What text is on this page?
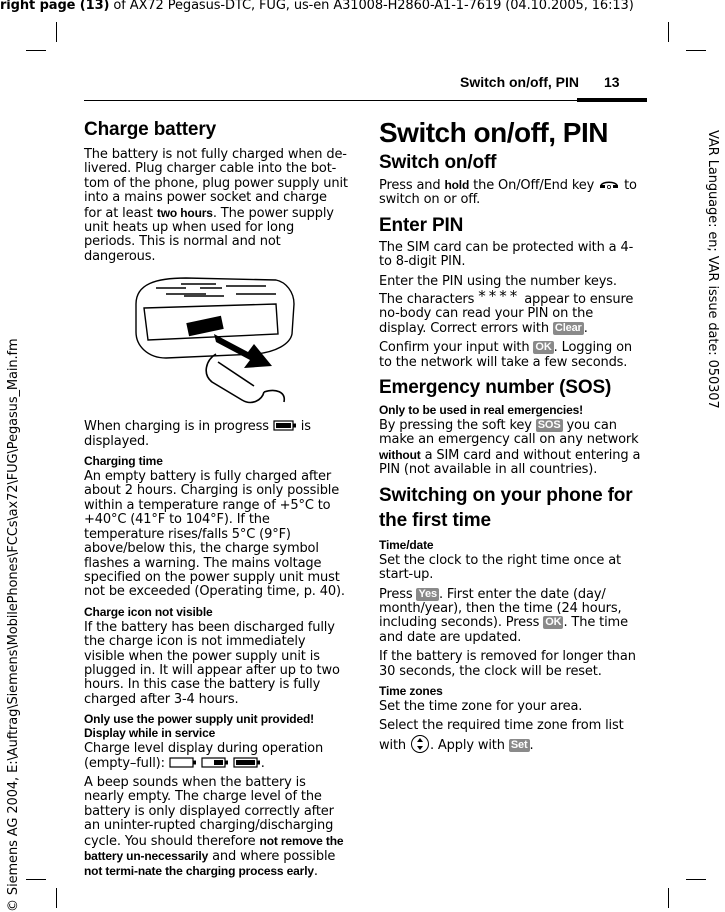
right page (13) of AX72 Pegasus-DTC, FUG, us-en A31008-H2860-A1-1-7619 (04.10.2005, 16:13)
VAR Language: en; VAR issue date: 050307
© Siemens AG 2004, E:\Auftrag\Siemens\MobilePhones\FCCs\ax72\FUG\Pegasus_Main.fm
Switch on/off, PIN 13
Charge battery

The battery is not fully charged when de-livered. Plug charger cable into the bot-tom of the phone, plug power supply unit into a mains power socket and charge for at least two hours. The power supply unit heats up when used for long periods. This is normal and not dangerous.

When charging is in progress  is displayed.

Charging time

An empty battery is fully charged after about 2 hours. Charging is only possible within a temperature range of +5°C to +40°C (41°F to 104°F). If the temperature rises/falls 5°C (9°F) above/below this, the charge symbol flashes a warning. The mains voltage specified on the power supply unit must not be exceeded (Operating time, p. 40).

Charge icon not visible

If the battery has been discharged fully the charge icon is not immediately visible when the power supply unit is plugged in. It will appear after up to two hours. In this case the battery is fully charged after 3-4 hours.

Only use the power supply unit provided!
Display while in service

Charge level display during operation (empty–full):	.

A beep sounds when the battery is nearly empty. The charge level of the battery is only displayed correctly after an uninter-rupted charging/discharging cycle. You should therefore not remove the battery un-necessarily and where possible not termi-nate the charging process early.

Switch on/off, PIN
Switch on/off

Press and hold the On/Off/End key  to switch on or off.

Enter PIN

The SIM card can be protected with a 4- to 8-digit PIN.

Enter the PIN using the number keys. The characters **** appear to ensure no-body can read your PIN on the display. Correct errors with Clear .

Confirm your input with OK . Logging on to the network will take a few seconds.

Emergency number (SOS)
Only to be used in real emergencies!

By pressing the soft key SOS you can make an emergency call on any network without a SIM card and without entering a PIN (not available in all countries).

Switching on your phone for the first time
Time/date

Set the clock to the right time once at start-up.

Press Yes . First enter the date (day/ month/year), then the time (24 hours, including seconds). Press OK . The time and date are updated.

If the battery is removed for longer than 30 seconds, the clock will be reset.

Time zones

Set the time zone for your area.

Select the required time zone from list with . Apply with Set .
